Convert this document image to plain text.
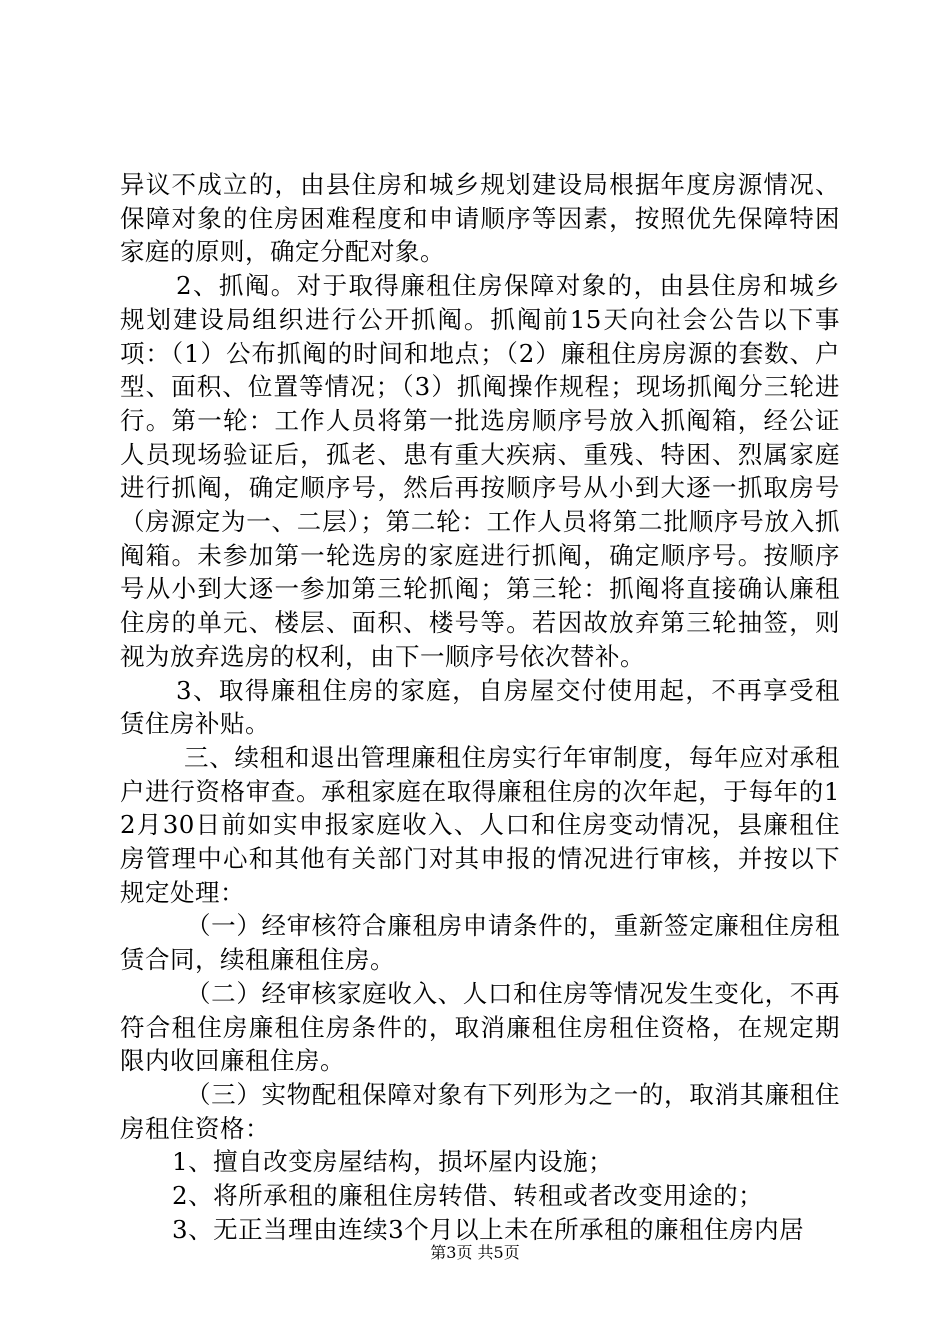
异议不成立的，由县住房和城乡规划建设局根据年度房源情况、保障对象的住房困难程度和申请顺序等因素，按照优先保障特困家庭的原则，确定分配对象。

2、抓阄。对于取得廉租住房保障对象的，由县住房和城乡规划建设局组织进行公开抓阄。抓阄前15天向社会公告以下事项：（1）公布抓阄的时间和地点；（2）廉租住房房源的套数、户型、面积、位置等情况；（3）抓阄操作规程；现场抓阄分三轮进行。第一轮：工作人员将第一批选房顺序号放入抓阄箱，经公证人员现场验证后，孤老、患有重大疾病、重残、特困、烈属家庭进行抓阄，确定顺序号，然后再按顺序号从小到大逐一抓取房号（房源定为一、二层）；第二轮：工作人员将第二批顺序号放入抓阄箱。未参加第一轮选房的家庭进行抓阄，确定顺序号。按顺序号从小到大逐一参加第三轮抓阄；第三轮：抓阄将直接确认廉租住房的单元、楼层、面积、楼号等。若因故放弃第三轮抽签，则视为放弃选房的权利，由下一顺序号依次替补。

3、取得廉租住房的家庭，自房屋交付使用起，不再享受租赁住房补贴。

三、续租和退出管理廉租住房实行年审制度，每年应对承租户进行资格审查。承租家庭在取得廉租住房的次年起，于每年的12月30日前如实申报家庭收入、人口和住房变动情况，县廉租住房管理中心和其他有关部门对其申报的情况进行审核，并按以下规定处理：

（一）经审核符合廉租房申请条件的，重新签定廉租住房租赁合同，续租廉租住房。

（二）经审核家庭收入、人口和住房等情况发生变化，不再符合租住房廉租住房条件的，取消廉租住房租住资格，在规定期限内收回廉租住房。

（三）实物配租保障对象有下列形为之一的，取消其廉租住房租住资格：

1、擅自改变房屋结构，损坏屋内设施；

2、将所承租的廉租住房转借、转租或者改变用途的；

3、无正当理由连续3个月以上未在所承租的廉租住房内居

第3页 共5页
